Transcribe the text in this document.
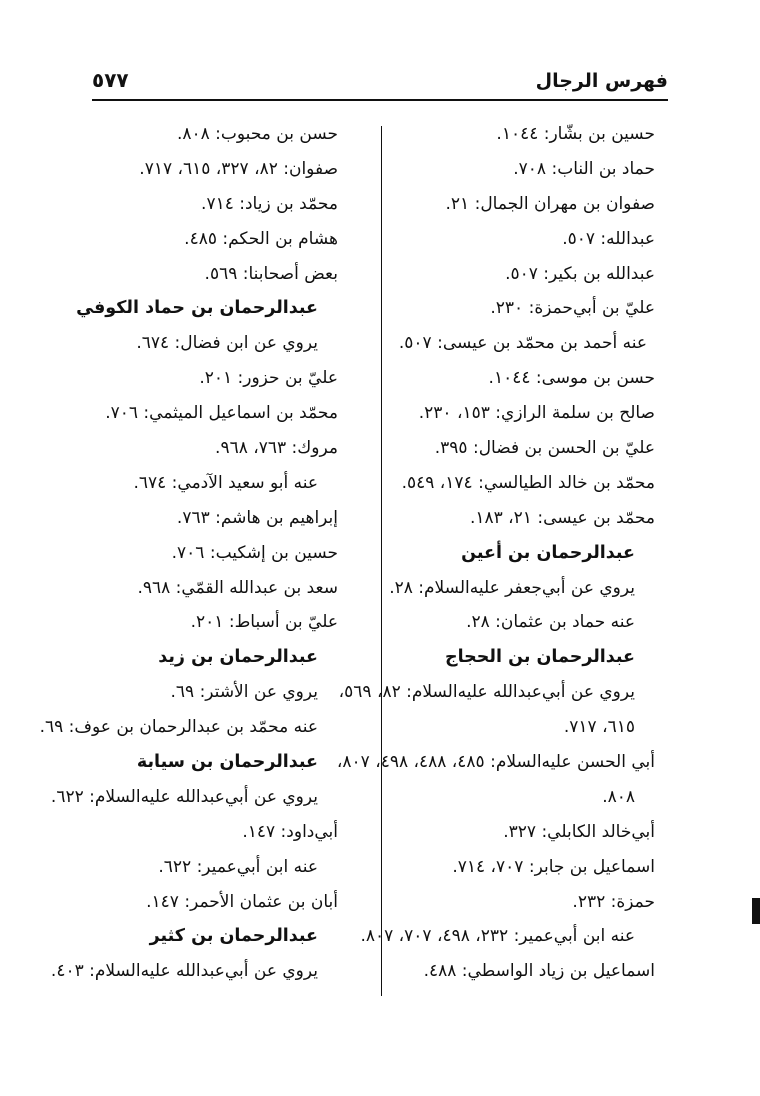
فهرس الرجال
٥٧٧
حسين بن بشّار: ١٠٤٤.
حماد بن الناب: ٧٠٨.
صفوان بن مهران الجمال: ٢١.
عبدالله: ٥٠٧.
عبدالله بن بكير: ٥٠٧.
عليّ بن أبي‌حمزة: ٢٣٠.
عنه أحمد بن محمّد بن عيسى: ٥٠٧.
حسن بن موسى: ١٠٤٤.
صالح بن سلمة الرازي: ١٥٣، ٢٣٠.
عليّ بن الحسن بن فضال: ٣٩٥.
محمّد بن خالد الطيالسي: ١٧٤، ٥٤٩.
محمّد بن عيسى: ٢١، ١٨٣.
عبدالرحمان بن أعين
يروي عن أبي‌جعفر عليه‌السلام: ٢٨.
عنه حماد بن عثمان: ٢٨.
عبدالرحمان بن الحجاج
يروي عن أبي‌عبدالله عليه‌السلام: ٨٢، ٥٦٩،
٦١٥، ٧١٧.
أبي الحسن عليه‌السلام: ٤٨٥، ٤٨٨، ٤٩٨، ٨٠٧،
٨٠٨.
أبي‌خالد الكابلي: ٣٢٧.
اسماعيل بن جابر: ٧٠٧، ٧١٤.
حمزة: ٢٣٢.
عنه ابن أبي‌عمير: ٢٣٢، ٤٩٨، ٧٠٧، ٨٠٧.
اسماعيل بن زياد الواسطي: ٤٨٨.
حسن بن محبوب: ٨٠٨.
صفوان: ٨٢، ٣٢٧، ٦١٥، ٧١٧.
محمّد بن زياد: ٧١٤.
هشام بن الحكم: ٤٨٥.
بعض أصحابنا: ٥٦٩.
عبدالرحمان بن حماد الكوفي
يروي عن ابن فضال: ٦٧٤.
عليّ بن حزور: ٢٠١.
محمّد بن اسماعيل الميثمي: ٧٠٦.
مروك: ٧٦٣، ٩٦٨.
عنه أبو سعيد الآدمي: ٦٧٤.
إبراهيم بن هاشم: ٧٦٣.
حسين بن إشكيب: ٧٠٦.
سعد بن عبدالله القمّي: ٩٦٨.
عليّ بن أسباط: ٢٠١.
عبدالرحمان بن زيد
يروي عن الأشتر: ٦٩.
عنه محمّد بن عبدالرحمان بن عوف: ٦٩.
عبدالرحمان بن سيابة
يروي عن أبي‌عبدالله عليه‌السلام: ٦٢٢.
أبي‌داود: ١٤٧.
عنه ابن أبي‌عمير: ٦٢٢.
أبان بن عثمان الأحمر: ١٤٧.
عبدالرحمان بن كثير
يروي عن أبي‌عبدالله عليه‌السلام: ٤٠٣.
